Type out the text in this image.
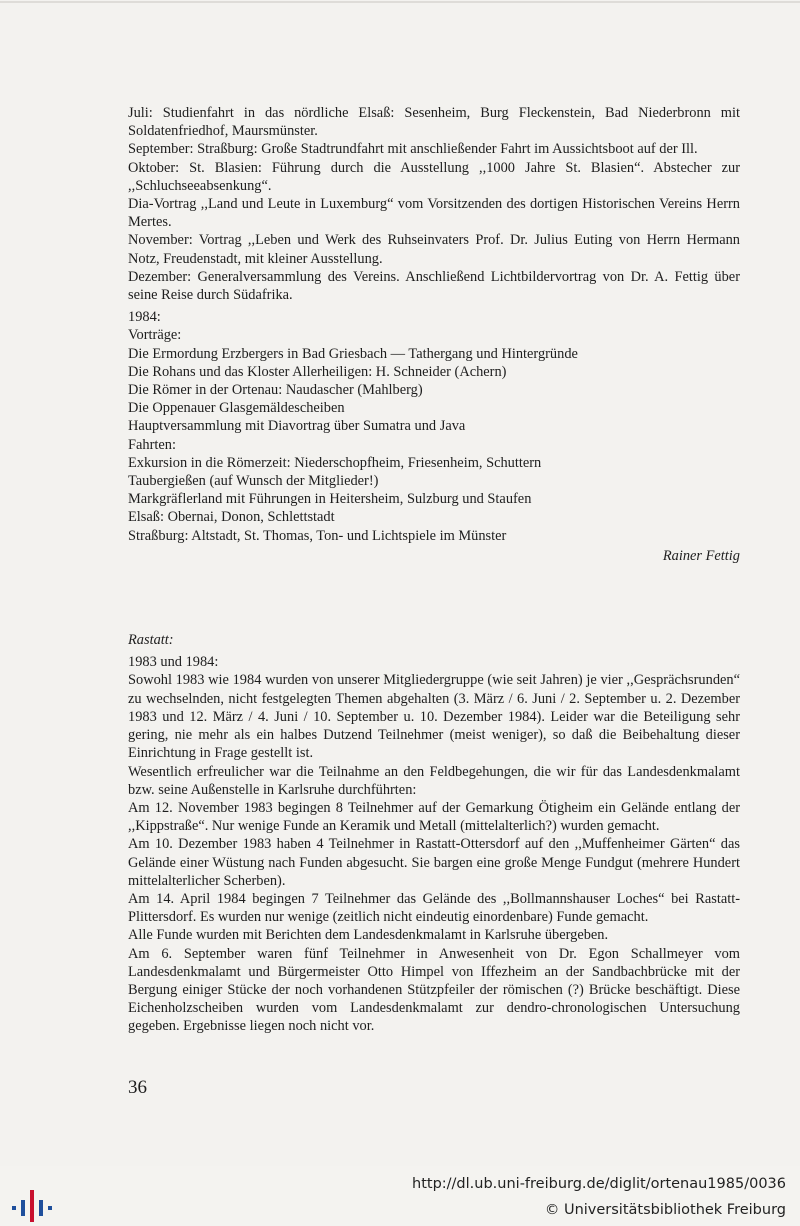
Juli: Studienfahrt in das nördliche Elsaß: Sesenheim, Burg Fleckenstein, Bad Niederbronn mit Soldatenfriedhof, Maursmünster.

September: Straßburg: Große Stadtrundfahrt mit anschließender Fahrt im Aussichtsboot auf der Ill.

Oktober: St. Blasien: Führung durch die Ausstellung ,,1000 Jahre St. Blasien“. Abstecher zur ,,Schluchseeabsenkung“.

Dia-Vortrag ,,Land und Leute in Luxemburg“ vom Vorsitzenden des dortigen Historischen Vereins Herrn Mertes.

November: Vortrag ,,Leben und Werk des Ruhseinvaters Prof. Dr. Julius Euting von Herrn Hermann Notz, Freudenstadt, mit kleiner Ausstellung.

Dezember: Generalversammlung des Vereins. Anschließend Lichtbildervortrag von Dr. A. Fettig über seine Reise durch Südafrika.

1984:

Vorträge:

Die Ermordung Erzbergers in Bad Griesbach — Tathergang und Hintergründe

Die Rohans und das Kloster Allerheiligen: H. Schneider (Achern)

Die Römer in der Ortenau: Naudascher (Mahlberg)

Die Oppenauer Glasgemäldescheiben

Hauptversammlung mit Diavortrag über Sumatra und Java

Fahrten:

Exkursion in die Römerzeit: Niederschopfheim, Friesenheim, Schuttern

Taubergießen (auf Wunsch der Mitglieder!)

Markgräflerland mit Führungen in Heitersheim, Sulzburg und Staufen

Elsaß: Obernai, Donon, Schlettstadt

Straßburg: Altstadt, St. Thomas, Ton- und Lichtspiele im Münster

Rainer Fettig

Rastatt:

1983 und 1984:

Sowohl 1983 wie 1984 wurden von unserer Mitgliedergruppe (wie seit Jahren) je vier ,,Gesprächsrunden“ zu wechselnden, nicht festgelegten Themen abgehalten (3. März / 6. Juni / 2. September u. 2. Dezember 1983 und 12. März / 4. Juni / 10. September u. 10. Dezember 1984). Leider war die Beteiligung sehr gering, nie mehr als ein halbes Dutzend Teilnehmer (meist weniger), so daß die Beibehaltung dieser Einrichtung in Frage gestellt ist.

Wesentlich erfreulicher war die Teilnahme an den Feldbegehungen, die wir für das Landesdenkmalamt bzw. seine Außenstelle in Karlsruhe durchführten:

Am 12. November 1983 begingen 8 Teilnehmer auf der Gemarkung Ötigheim ein Gelände entlang der ,,Kippstraße“. Nur wenige Funde an Keramik und Metall (mittelalterlich?) wurden gemacht.

Am 10. Dezember 1983 haben 4 Teilnehmer in Rastatt-Ottersdorf auf den ,,Muffenheimer Gärten“ das Gelände einer Wüstung nach Funden abgesucht. Sie bargen eine große Menge Fundgut (mehrere Hundert mittelalterlicher Scherben).

Am 14. April 1984 begingen 7 Teilnehmer das Gelände des ,,Bollmannshauser Loches“ bei Rastatt-Plittersdorf. Es wurden nur wenige (zeitlich nicht eindeutig einordenbare) Funde gemacht.

Alle Funde wurden mit Berichten dem Landesdenkmalamt in Karlsruhe übergeben.

Am 6. September waren fünf Teilnehmer in Anwesenheit von Dr. Egon Schallmeyer vom Landesdenkmalamt und Bürgermeister Otto Himpel von Iffezheim an der Sandbachbrücke mit der Bergung einiger Stücke der noch vorhandenen Stützpfeiler der römischen (?) Brücke beschäftigt. Diese Eichenholzscheiben wurden vom Landesdenkmalamt zur dendro-chronologischen Untersuchung gegeben. Ergebnisse liegen noch nicht vor.

36
http://dl.ub.uni-freiburg.de/diglit/ortenau1985/0036
© Universitätsbibliothek Freiburg
